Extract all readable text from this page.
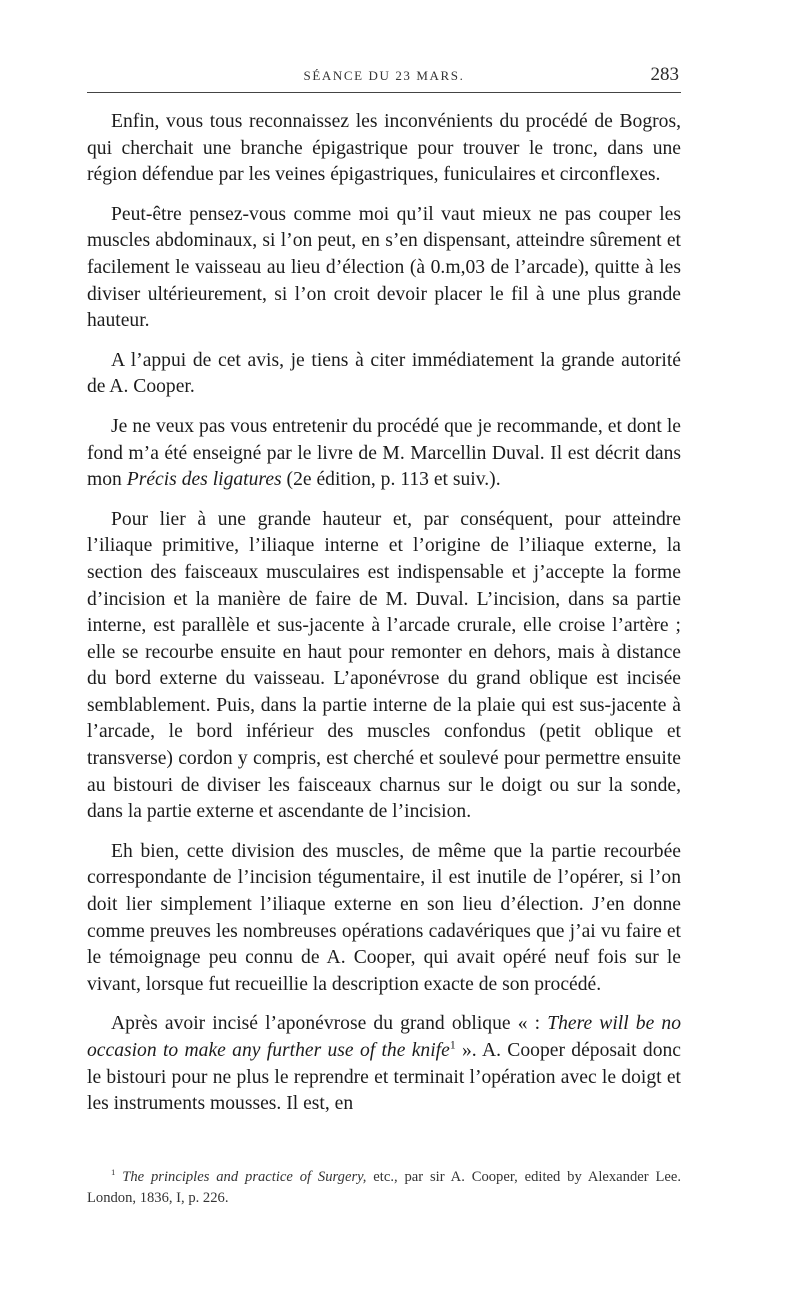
SÉANCE DU 23 MARS.	283

Enfin, vous tous reconnaissez les inconvénients du procédé de Bogros, qui cherchait une branche épigastrique pour trouver le tronc, dans une région défendue par les veines épigastriques, funiculaires et circonflexes.

Peut-être pensez-vous comme moi qu’il vaut mieux ne pas couper les muscles abdominaux, si l’on peut, en s’en dispensant, atteindre sûrement et facilement le vaisseau au lieu d’élection (à 0.m,03 de l’arcade), quitte à les diviser ultérieurement, si l’on croit devoir placer le fil à une plus grande hauteur.

A l’appui de cet avis, je tiens à citer immédiatement la grande autorité de A. Cooper.

Je ne veux pas vous entretenir du procédé que je recommande, et dont le fond m’a été enseigné par le livre de M. Marcellin Duval. Il est décrit dans mon Précis des ligatures (2e édition, p. 113 et suiv.).

Pour lier à une grande hauteur et, par conséquent, pour atteindre l’iliaque primitive, l’iliaque interne et l’origine de l’iliaque externe, la section des faisceaux musculaires est indispensable et j’accepte la forme d’incision et la manière de faire de M. Duval. L’incision, dans sa partie interne, est parallèle et sus-jacente à l’arcade crurale, elle croise l’artère ; elle se recourbe ensuite en haut pour remonter en dehors, mais à distance du bord externe du vaisseau. L’aponévrose du grand oblique est incisée semblablement. Puis, dans la partie interne de la plaie qui est sus-jacente à l’arcade, le bord inférieur des muscles confondus (petit oblique et transverse) cordon y compris, est cherché et soulevé pour permettre ensuite au bistouri de diviser les faisceaux charnus sur le doigt ou sur la sonde, dans la partie externe et ascendante de l’incision.

Eh bien, cette division des muscles, de même que la partie recourbée correspondante de l’incision tégumentaire, il est inutile de l’opérer, si l’on doit lier simplement l’iliaque externe en son lieu d’élection. J’en donne comme preuves les nombreuses opérations cadavériques que j’ai vu faire et le témoignage peu connu de A. Cooper, qui avait opéré neuf fois sur le vivant, lorsque fut recueillie la description exacte de son procédé.

Après avoir incisé l’aponévrose du grand oblique « : There will be no occasion to make any further use of the knife$^1$ ». A. Cooper déposait donc le bistouri pour ne plus le reprendre et terminait l’opération avec le doigt et les instruments mousses. Il est, en

$^1$ The principles and practice of Surgery, etc., par sir A. Cooper, edited by Alexander Lee. London, 1836, I, p. 226.
